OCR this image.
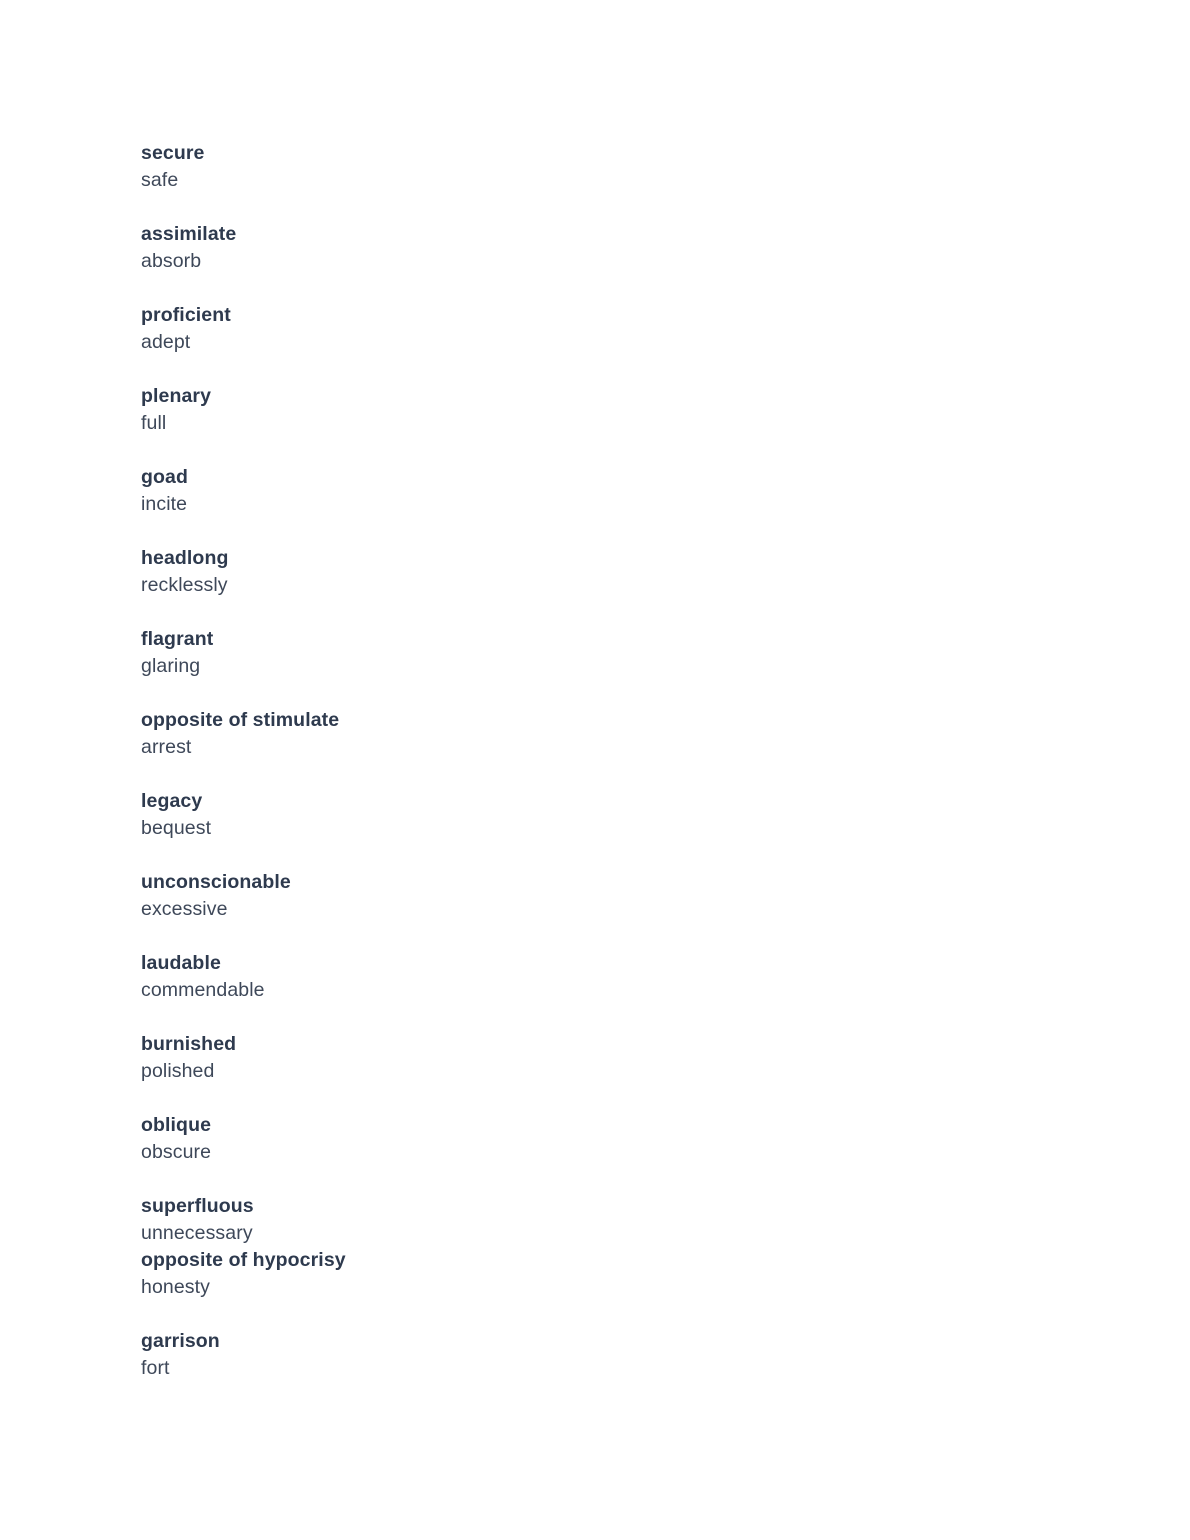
secure
safe
assimilate
absorb
proficient
adept
plenary
full
goad
incite
headlong
recklessly
flagrant
glaring
opposite of stimulate
arrest
legacy
bequest
unconscionable
excessive
laudable
commendable
burnished
polished
oblique
obscure
superfluous
unnecessary
opposite of hypocrisy
honesty
garrison
fort
